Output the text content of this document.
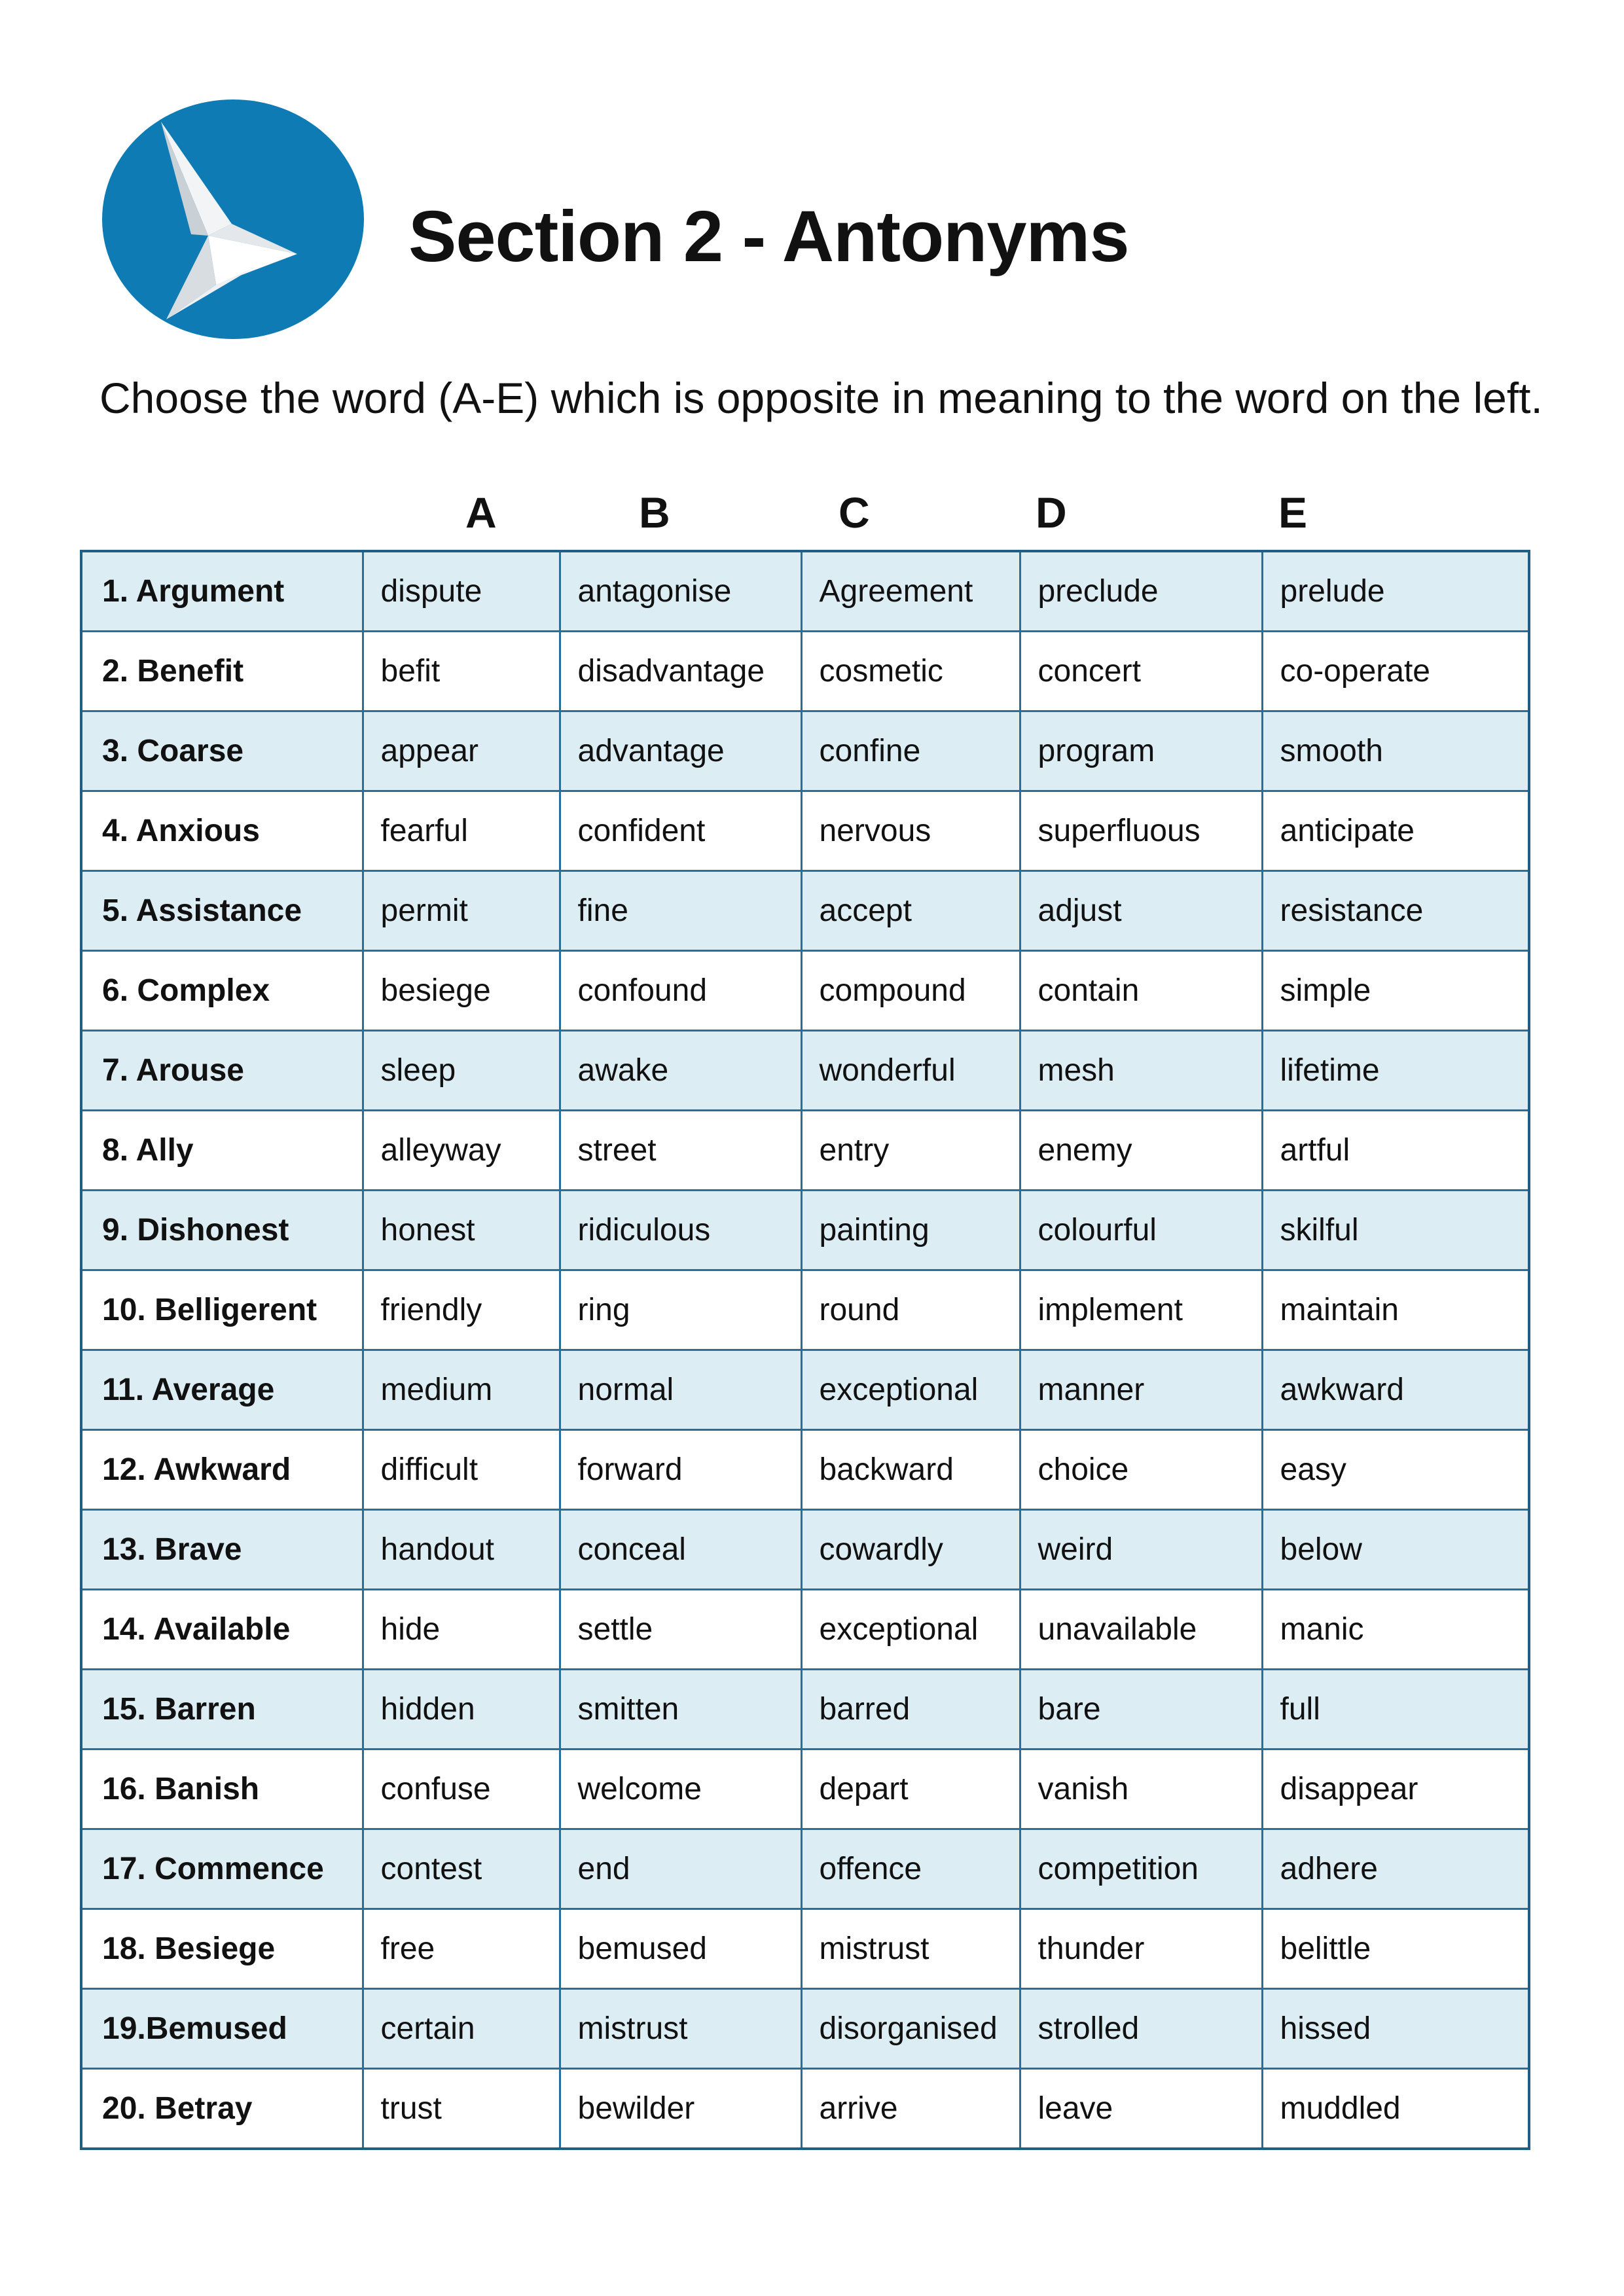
Section 2 - Antonyms
Choose the word (A-E) which is opposite in meaning to the word on the left.
A	B	C	D	E
1. Argument	dispute	antagonise	Agreement	preclude	prelude
2. Benefit	befit	disadvantage	cosmetic	concert	co-operate
3. Coarse	appear	advantage	confine	program	smooth
4. Anxious	fearful	confident	nervous	superfluous	anticipate
5. Assistance	permit	fine	accept	adjust	resistance
6. Complex	besiege	confound	compound	contain	simple
7. Arouse	sleep	awake	wonderful	mesh	lifetime
8. Ally	alleyway	street	entry	enemy	artful
9. Dishonest	honest	ridiculous	painting	colourful	skilful
10. Belligerent	friendly	ring	round	implement	maintain
11. Average	medium	normal	exceptional	manner	awkward
12. Awkward	difficult	forward	backward	choice	easy
13. Brave	handout	conceal	cowardly	weird	below
14. Available	hide	settle	exceptional	unavailable	manic
15. Barren	hidden	smitten	barred	bare	full
16. Banish	confuse	welcome	depart	vanish	disappear
17. Commence	contest	end	offence	competition	adhere
18. Besiege	free	bemused	mistrust	thunder	belittle
19.Bemused	certain	mistrust	disorganised	strolled	hissed
20. Betray	trust	bewilder	arrive	leave	muddled
